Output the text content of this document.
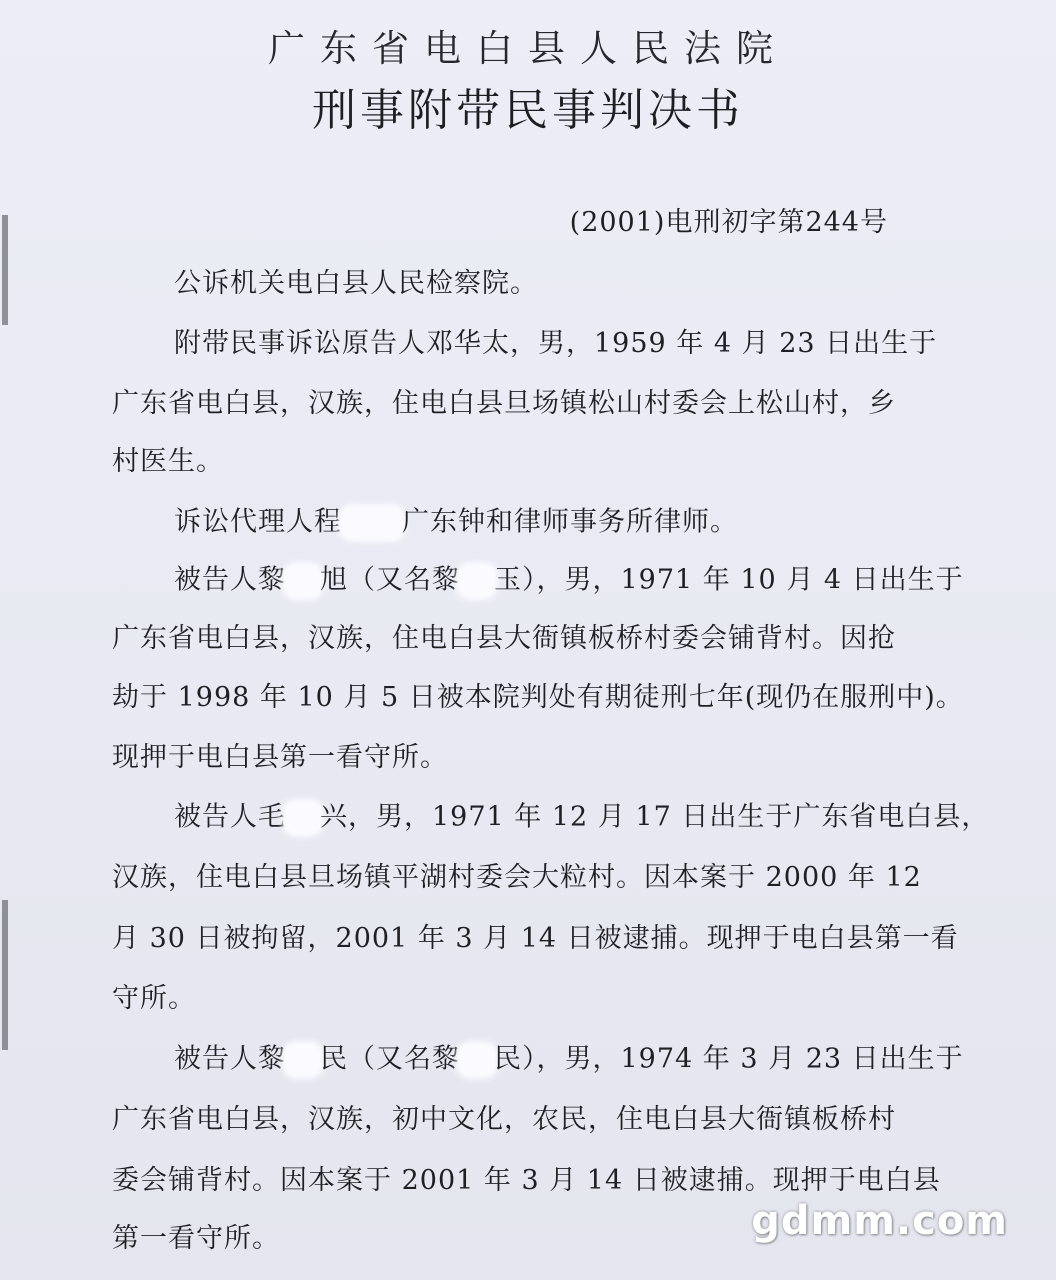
广东省电白县人民法院
刑事附带民事判决书
(2001)电刑初字第244号
公诉机关电白县人民检察院。
附带民事诉讼原告人邓华太，男，1959 年 4 月 23 日出生于
广东省电白县，汉族，住电白县旦场镇松山村委会上松山村，乡
村医生。
诉讼代理人程 广东钟和律师事务所律师。
被告人黎 旭（又名黎 玉），男，1971 年 10 月 4 日出生于
广东省电白县，汉族，住电白县大衙镇板桥村委会铺背村。因抢
劫于 1998 年 10 月 5 日被本院判处有期徒刑七年(现仍在服刑中)。
现押于电白县第一看守所。
被告人毛 兴，男，1971 年 12 月 17 日出生于广东省电白县，
汉族，住电白县旦场镇平湖村委会大粒村。因本案于 2000 年 12
月 30 日被拘留，2001 年 3 月 14 日被逮捕。现押于电白县第一看
守所。
被告人黎 民（又名黎 民），男，1974 年 3 月 23 日出生于
广东省电白县，汉族，初中文化，农民，住电白县大衙镇板桥村
委会铺背村。因本案于 2001 年 3 月 14 日被逮捕。现押于电白县
第一看守所。	gdmm.com
